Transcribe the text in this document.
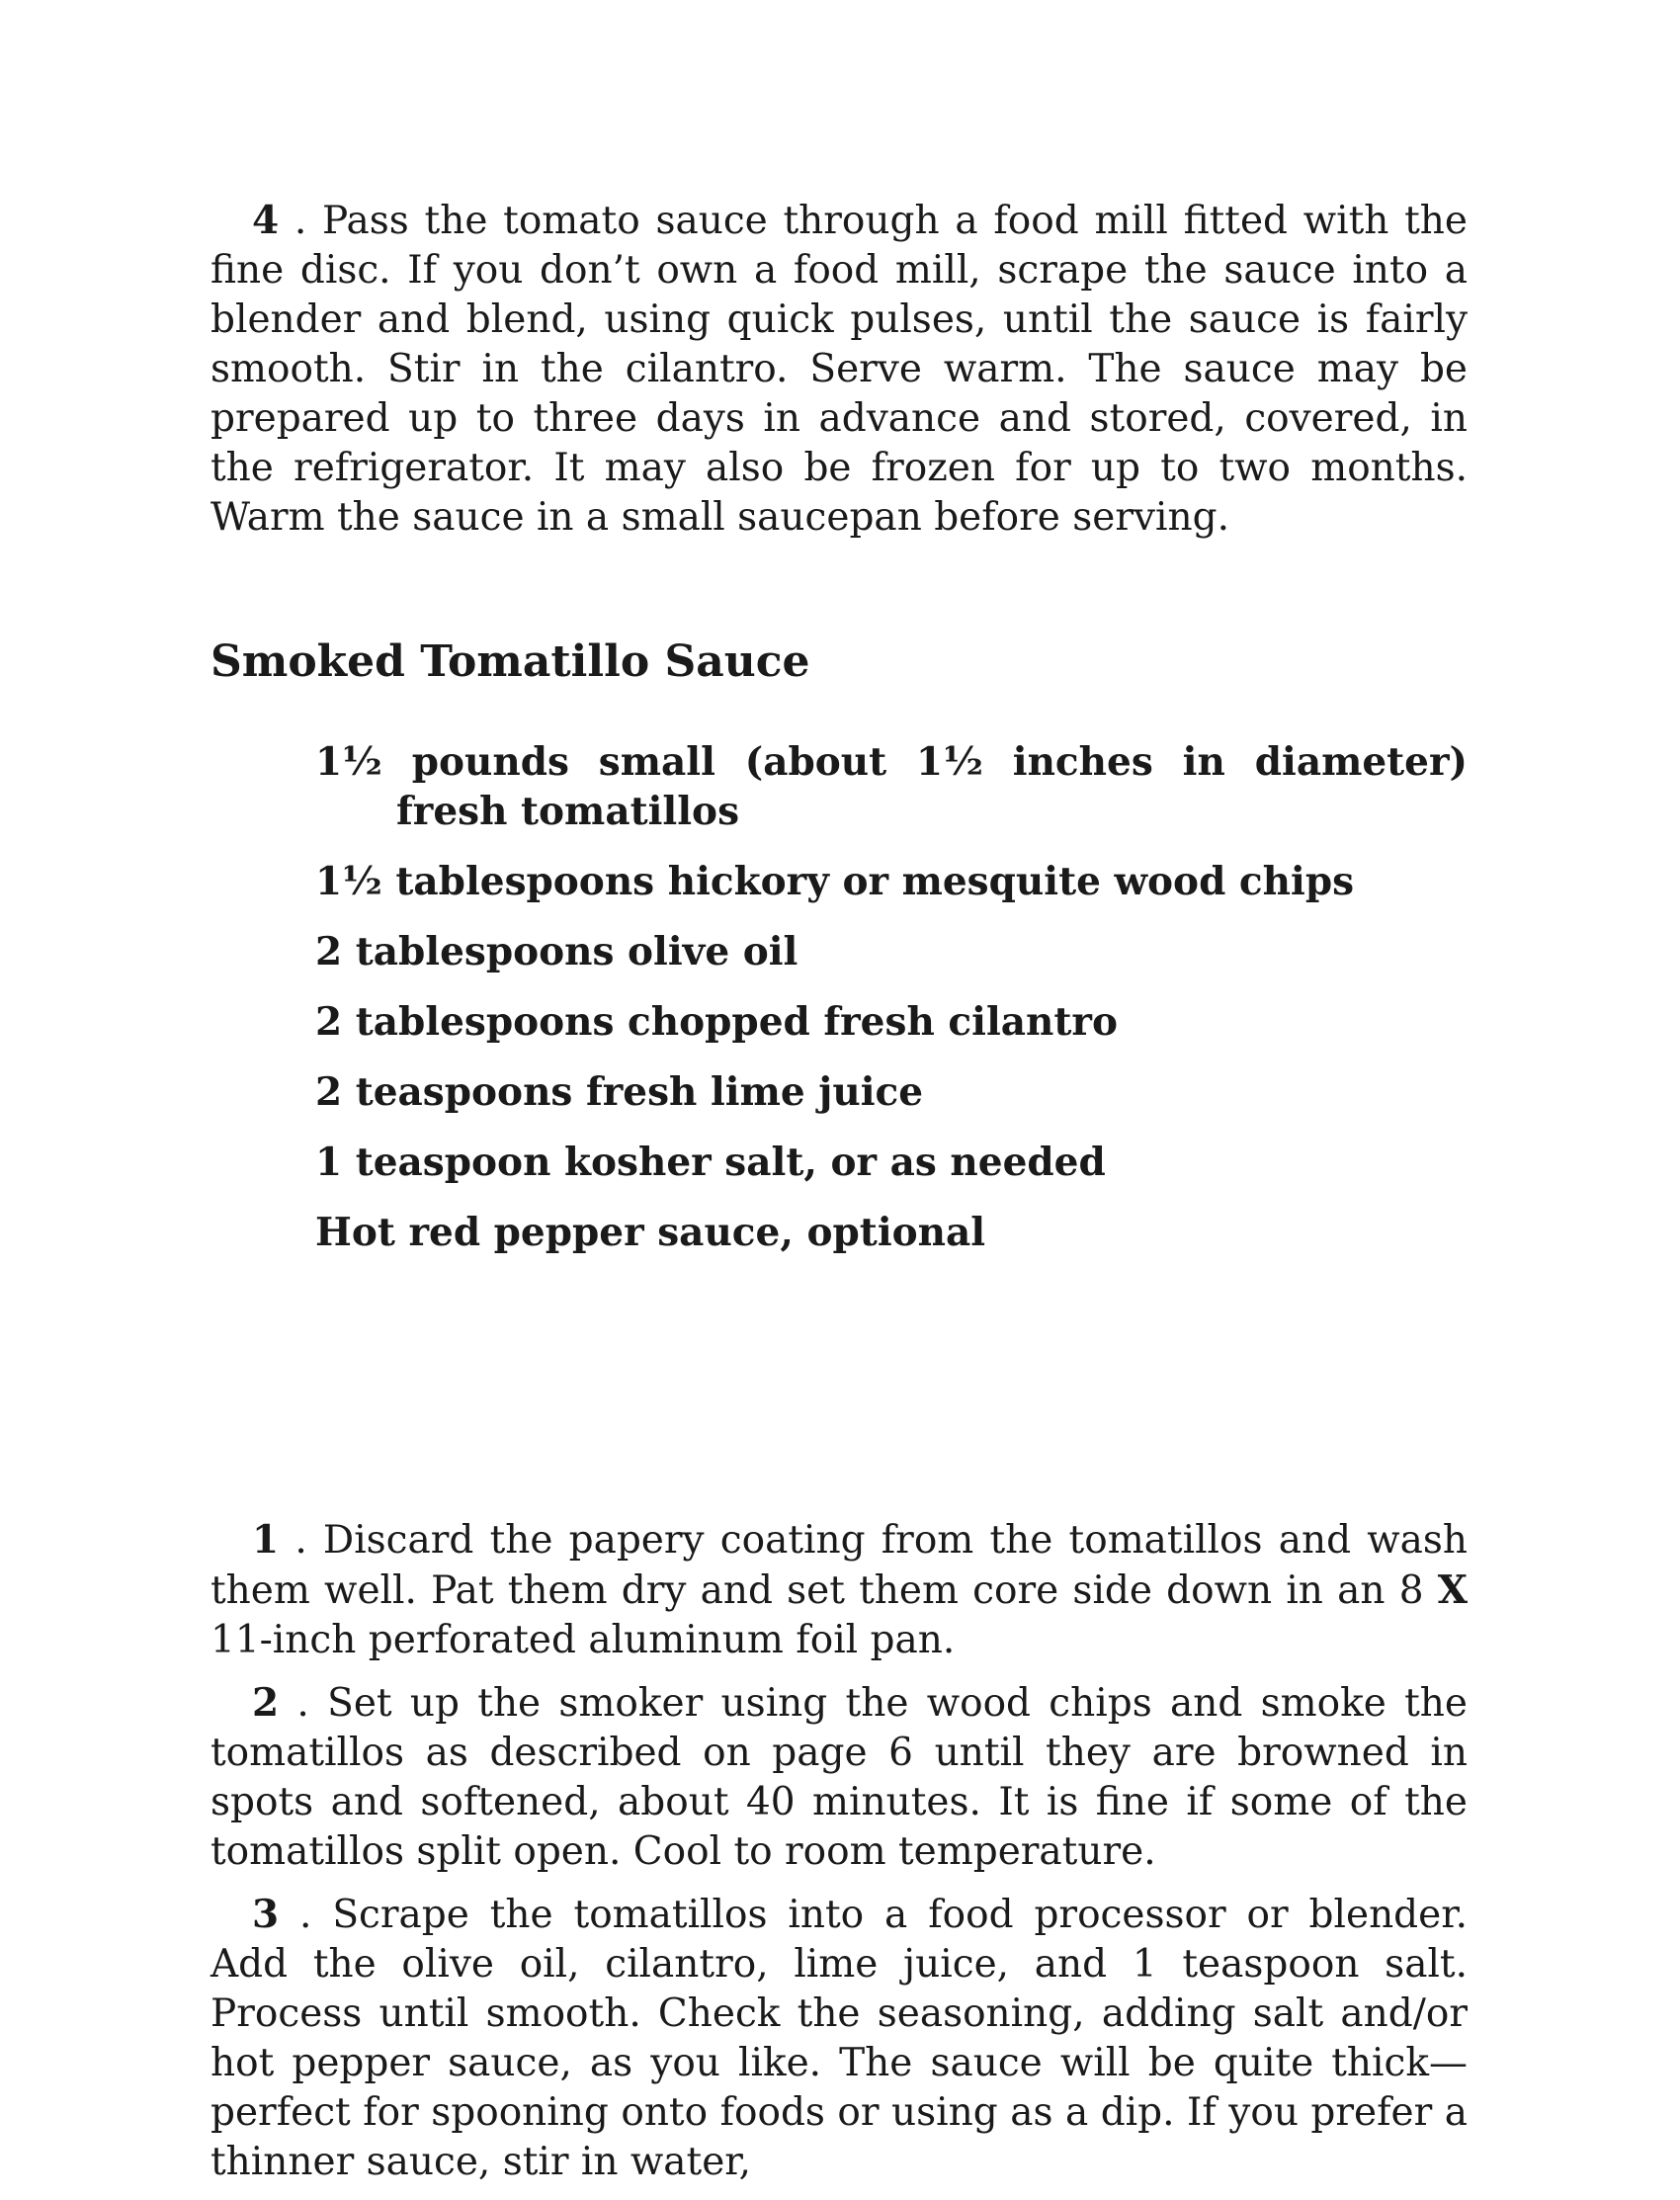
4 . Pass the tomato sauce through a food mill fitted with the fine disc. If you don’t own a food mill, scrape the sauce into a blender and blend, using quick pulses, until the sauce is fairly smooth. Stir in the cilantro. Serve warm. The sauce may be prepared up to three days in advance and stored, covered, in the refrigerator. It may also be frozen for up to two months. Warm the sauce in a small saucepan before serving.

Smoked Tomatillo Sauce
1½ pounds small (about 1½ inches in diameter) fresh tomatillos
1½ tablespoons hickory or mesquite wood chips
2 tablespoons olive oil
2 tablespoons chopped fresh cilantro
2 teaspoons fresh lime juice
1 teaspoon kosher salt, or as needed
Hot red pepper sauce, optional

1 . Discard the papery coating from the tomatillos and wash them well. Pat them dry and set them core side down in an 8 X 11-inch perforated aluminum foil pan.

2 . Set up the smoker using the wood chips and smoke the tomatillos as described on page 6 until they are browned in spots and softened, about 40 minutes. It is fine if some of the tomatillos split open. Cool to room temperature.

3 . Scrape the tomatillos into a food processor or blender. Add the olive oil, cilantro, lime juice, and 1 teaspoon salt. Process until smooth. Check the seasoning, adding salt and/or hot pepper sauce, as you like. The sauce will be quite thick—perfect for spooning onto foods or using as a dip. If you prefer a thinner sauce, stir in water,
